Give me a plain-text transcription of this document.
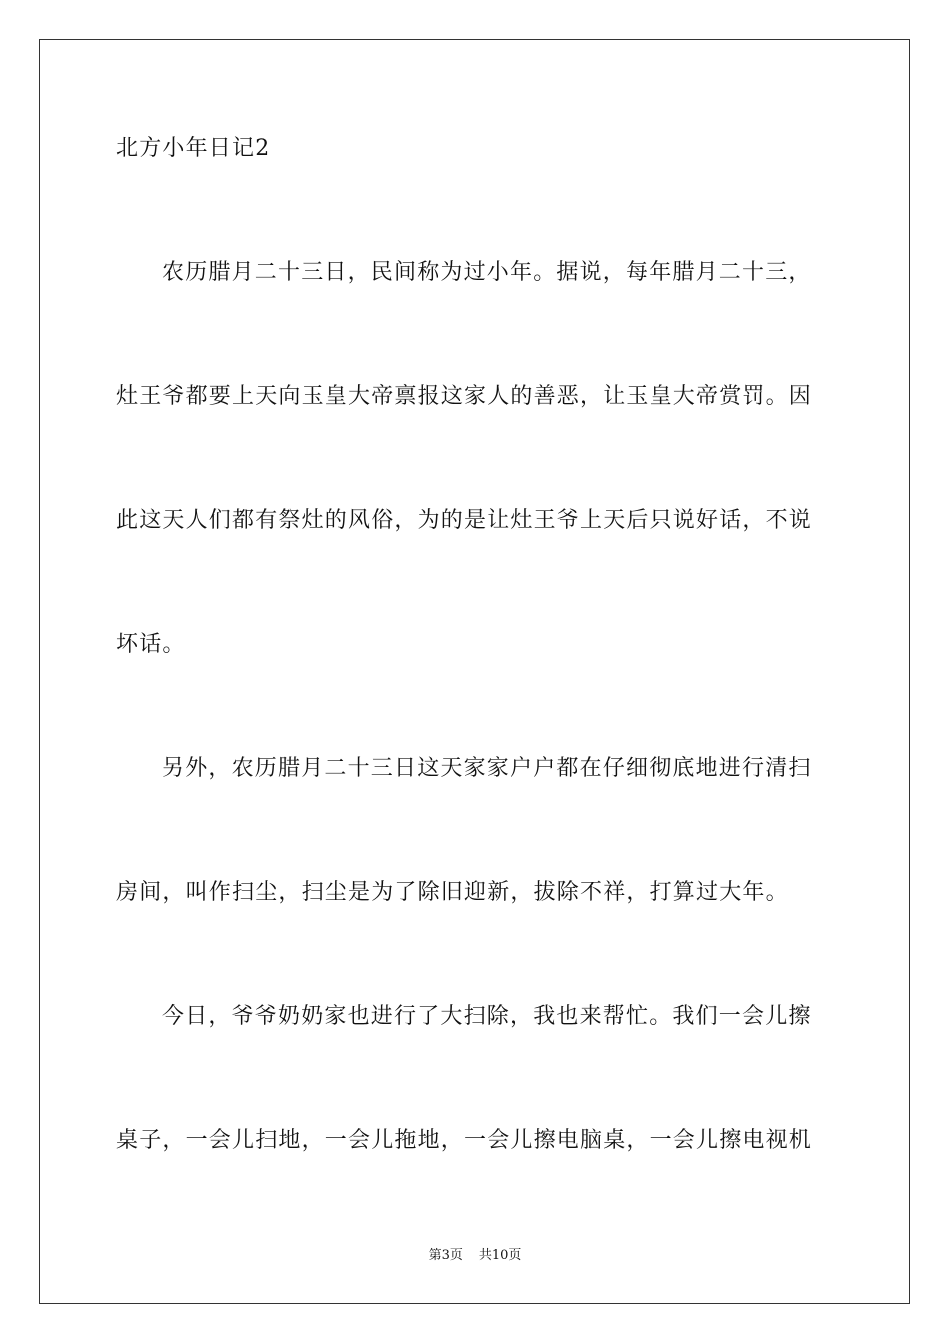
北方小年日记2
农历腊月二十三日，民间称为过小年。据说，每年腊月二十三，
灶王爷都要上天向玉皇大帝禀报这家人的善恶，让玉皇大帝赏罚。因
此这天人们都有祭灶的风俗，为的是让灶王爷上天后只说好话，不说
坏话。
另外，农历腊月二十三日这天家家户户都在仔细彻底地进行清扫
房间，叫作扫尘，扫尘是为了除旧迎新，拔除不祥，打算过大年。
今日，爷爷奶奶家也进行了大扫除，我也来帮忙。我们一会儿擦
桌子，一会儿扫地，一会儿拖地，一会儿擦电脑桌，一会儿擦电视机
第3页 共10页
